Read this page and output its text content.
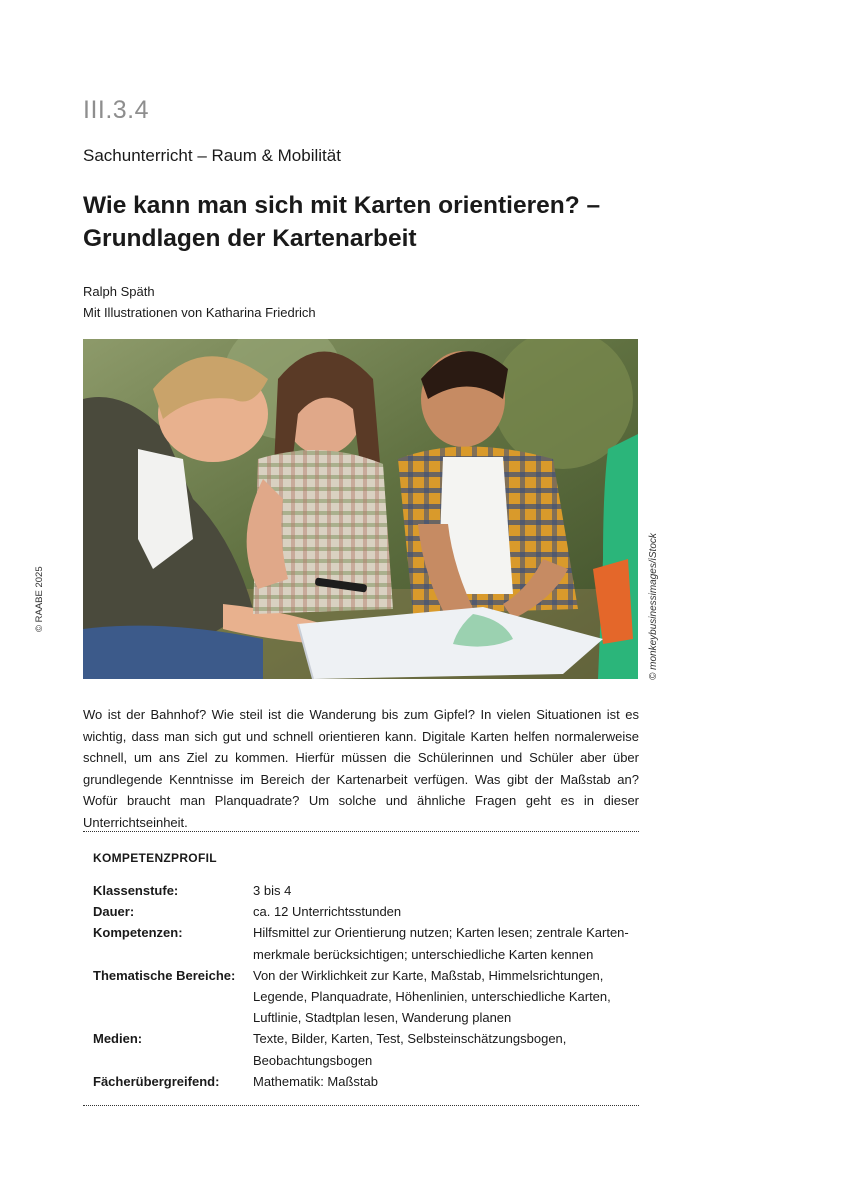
III.3.4
Sachunterricht – Raum & Mobilität
Wie kann man sich mit Karten orientieren? –
Grundlagen der Kartenarbeit
Ralph Späth
Mit Illustrationen von Katharina Friedrich
© monkeybusinessimages/iStock
© RAABE 2025

Wo ist der Bahnhof? Wie steil ist die Wanderung bis zum Gipfel? In vielen Situationen ist es wichtig, dass man sich gut und schnell orientieren kann. Digitale Karten helfen normalerweise schnell, um ans Ziel zu kommen. Hierfür müssen die Schülerinnen und Schüler aber über grundlegende Kenntnisse im Bereich der Kartenarbeit verfügen. Was gibt der Maßstab an? Wofür braucht man Planquadrate? Um solche und ähnliche Fragen geht es in dieser Unterrichtseinheit.

KOMPETENZPROFIL
Klassenstufe:	3 bis 4
Dauer:	ca. 12 Unterrichtsstunden
Kompetenzen:	Hilfsmittel zur Orientierung nutzen; Karten lesen; zentrale Karten-
merkmale berücksichtigen; unterschiedliche Karten kennen
Thematische Bereiche:	Von der Wirklichkeit zur Karte, Maßstab, Himmelsrichtungen,
Legende, Planquadrate, Höhenlinien, unterschiedliche Karten,
Luftlinie, Stadtplan lesen, Wanderung planen
Medien:	Texte, Bilder, Karten, Test, Selbsteinschätzungsbogen,
Beobachtungsbogen
Fächerübergreifend:	Mathematik: Maßstab
